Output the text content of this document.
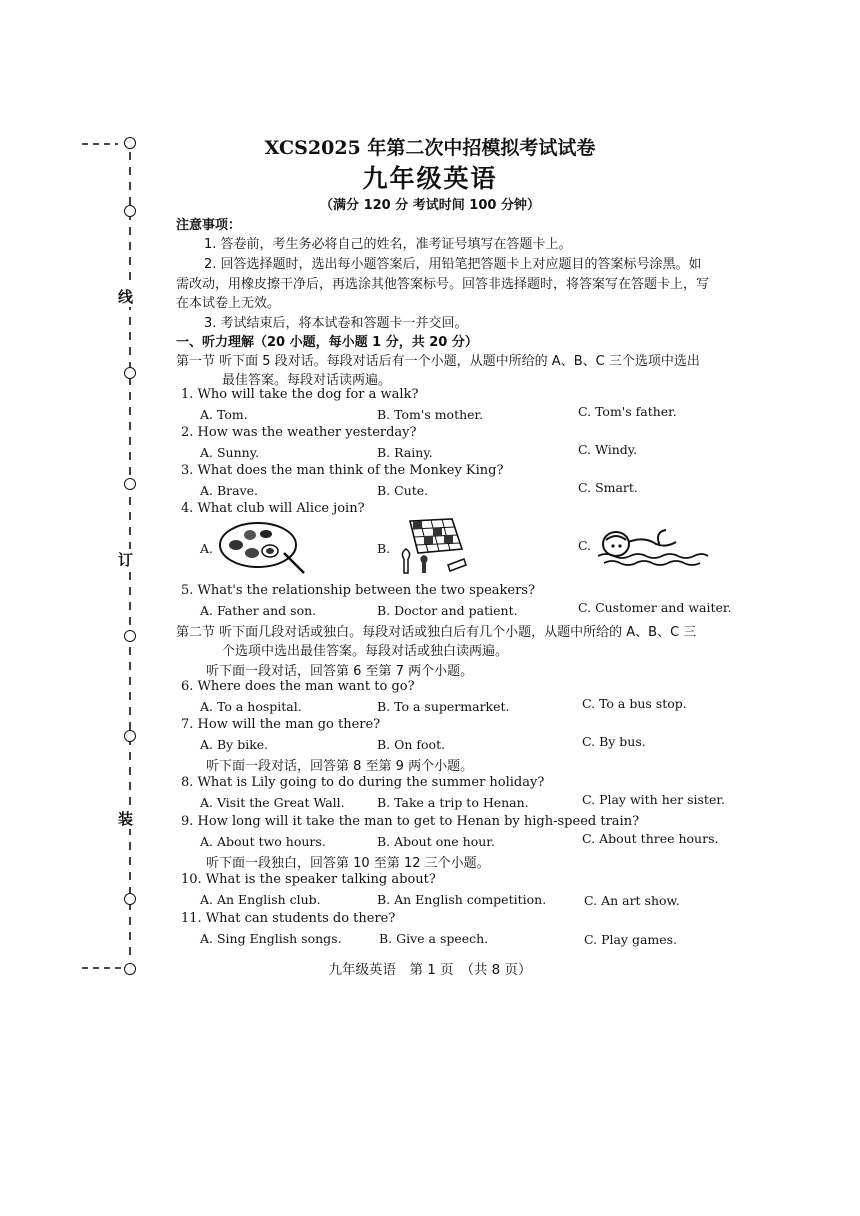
线
订
装
XCS2025 年第二次中招模拟考试试卷
九年级英语
（满分 120 分 考试时间 100 分钟）
注意事项：
1. 答卷前，考生务必将自己的姓名，准考证号填写在答题卡上。
2. 回答选择题时，选出每小题答案后，用铅笔把答题卡上对应题目的答案标号涂黑。如
需改动，用橡皮擦干净后，再选涂其他答案标号。回答非选择题时，将答案写在答题卡上，写
在本试卷上无效。
3. 考试结束后，将本试卷和答题卡一并交回。
一、听力理解（20 小题，每小题 1 分，共 20 分）
第一节 听下面 5 段对话。每段对话后有一个小题，从题中所给的 A、B、C 三个选项中选出
最佳答案。每段对话读两遍。
1. Who will take the dog for a walk?
A. Tom.	B. Tom's mother.	C. Tom's father.
2. How was the weather yesterday?
A. Sunny.	B. Rainy.	C. Windy.
3. What does the man think of the Monkey King?
A. Brave.	B. Cute.	C. Smart.
4. What club will Alice join?
A.	B.	C.
5. What's the relationship between the two speakers?
A. Father and son.	B. Doctor and patient.	C. Customer and waiter.
第二节 听下面几段对话或独白。每段对话或独白后有几个小题，从题中所给的 A、B、C 三
个选项中选出最佳答案。每段对话或独白读两遍。
听下面一段对话，回答第 6 至第 7 两个小题。
6. Where does the man want to go?
A. To a hospital.	B. To a supermarket.	C. To a bus stop.
7. How will the man go there?
A. By bike.	B. On foot.	C. By bus.
听下面一段对话，回答第 8 至第 9 两个小题。
8. What is Lily going to do during the summer holiday?
A. Visit the Great Wall.	B. Take a trip to Henan.	C. Play with her sister.
9. How long will it take the man to get to Henan by high-speed train?
A. About two hours.	B. About one hour.	C. About three hours.
听下面一段独白，回答第 10 至第 12 三个小题。
10. What is the speaker talking about?
A. An English club.	B. An English competition.	C. An art show.
11. What can students do there?
A. Sing English songs.	B. Give a speech.	C. Play games.
九年级英语　第 1 页　（共 8 页）
